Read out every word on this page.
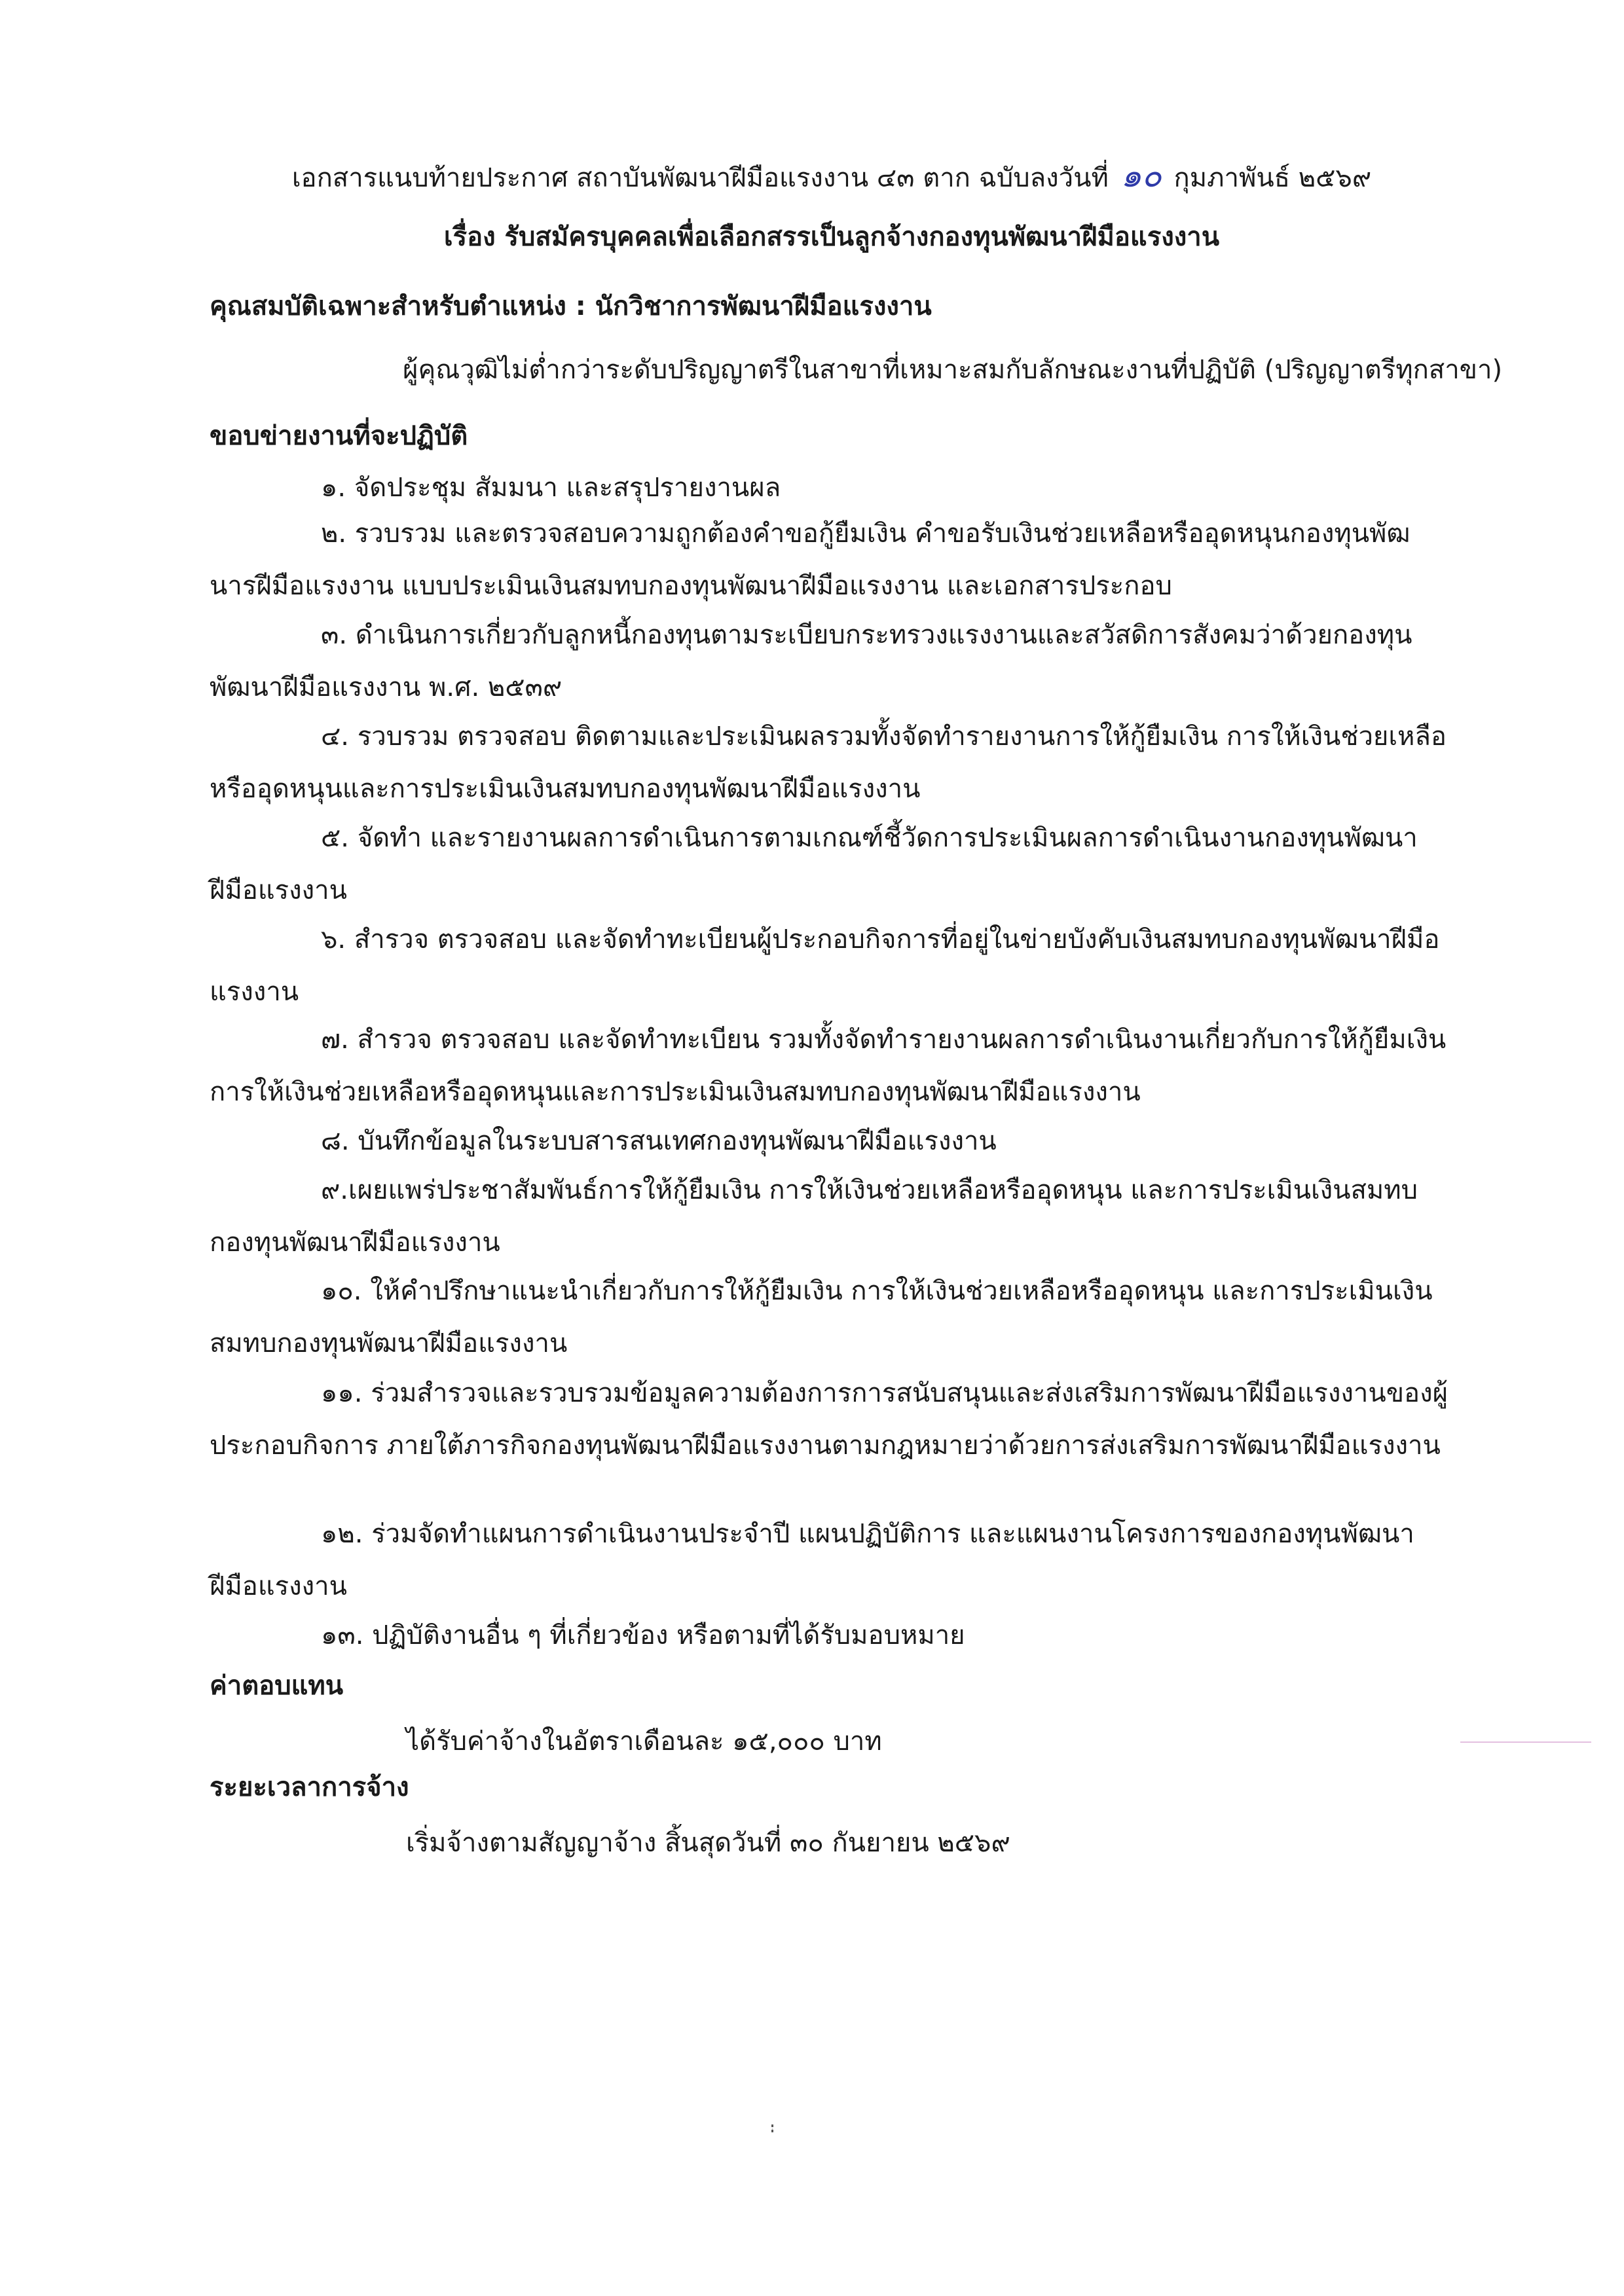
เอกสารแนบท้ายประกาศ สถาบันพัฒนาฝีมือแรงงาน ๔๓ ตาก ฉบับลงวันที่ ๑๐ กุมภาพันธ์ ๒๕๖๙
เรื่อง รับสมัครบุคคลเพื่อเลือกสรรเป็นลูกจ้างกองทุนพัฒนาฝีมือแรงงาน
คุณสมบัติเฉพาะสำหรับตำแหน่ง : นักวิชาการพัฒนาฝีมือแรงงาน
ผู้คุณวุฒิไม่ต่ำกว่าระดับปริญญาตรีในสาขาที่เหมาะสมกับลักษณะงานที่ปฏิบัติ (ปริญญาตรีทุกสาขา)
ขอบข่ายงานที่จะปฏิบัติ
๑. จัดประชุม สัมมนา และสรุปรายงานผล
๒. รวบรวม และตรวจสอบความถูกต้องคำขอกู้ยืมเงิน คำขอรับเงินช่วยเหลือหรืออุดหนุนกองทุนพัฒนารฝีมือแรงงาน แบบประเมินเงินสมทบกองทุนพัฒนาฝีมือแรงงาน และเอกสารประกอบ
๓. ดำเนินการเกี่ยวกับลูกหนี้กองทุนตามระเบียบกระทรวงแรงงานและสวัสดิการสังคมว่าด้วยกองทุนพัฒนาฝีมือแรงงาน พ.ศ. ๒๕๓๙
๔. รวบรวม ตรวจสอบ ติดตามและประเมินผลรวมทั้งจัดทำรายงานการให้กู้ยืมเงิน การให้เงินช่วยเหลือหรืออุดหนุนและการประเมินเงินสมทบกองทุนพัฒนาฝีมือแรงงาน
๕. จัดทำ และรายงานผลการดำเนินการตามเกณฑ์ชี้วัดการประเมินผลการดำเนินงานกองทุนพัฒนาฝีมือแรงงาน
๖. สำรวจ ตรวจสอบ และจัดทำทะเบียนผู้ประกอบกิจการที่อยู่ในข่ายบังคับเงินสมทบกองทุนพัฒนาฝีมือแรงงาน
๗. สำรวจ ตรวจสอบ และจัดทำทะเบียน รวมทั้งจัดทำรายงานผลการดำเนินงานเกี่ยวกับการให้กู้ยืมเงินการให้เงินช่วยเหลือหรืออุดหนุนและการประเมินเงินสมทบกองทุนพัฒนาฝีมือแรงงาน
๘. บันทึกข้อมูลในระบบสารสนเทศกองทุนพัฒนาฝีมือแรงงาน
๙.เผยแพร่ประชาสัมพันธ์การให้กู้ยืมเงิน การให้เงินช่วยเหลือหรืออุดหนุน และการประเมินเงินสมทบกองทุนพัฒนาฝีมือแรงงาน
๑๐. ให้คำปรึกษาแนะนำเกี่ยวกับการให้กู้ยืมเงิน การให้เงินช่วยเหลือหรืออุดหนุน และการประเมินเงินสมทบกองทุนพัฒนาฝีมือแรงงาน
๑๑. ร่วมสำรวจและรวบรวมข้อมูลความต้องการการสนับสนุนและส่งเสริมการพัฒนาฝีมือแรงงานของผู้ประกอบกิจการ ภายใต้ภารกิจกองทุนพัฒนาฝีมือแรงงานตามกฎหมายว่าด้วยการส่งเสริมการพัฒนาฝีมือแรงงาน
๑๒. ร่วมจัดทำแผนการดำเนินงานประจำปี แผนปฏิบัติการ และแผนงานโครงการของกองทุนพัฒนาฝีมือแรงงาน
๑๓. ปฏิบัติงานอื่น ๆ ที่เกี่ยวข้อง หรือตามที่ได้รับมอบหมาย
ค่าตอบแทน
ได้รับค่าจ้างในอัตราเดือนละ ๑๕,๐๐๐ บาท
ระยะเวลาการจ้าง
เริ่มจ้างตามสัญญาจ้าง สิ้นสุดวันที่ ๓๐ กันยายน ๒๕๖๙
